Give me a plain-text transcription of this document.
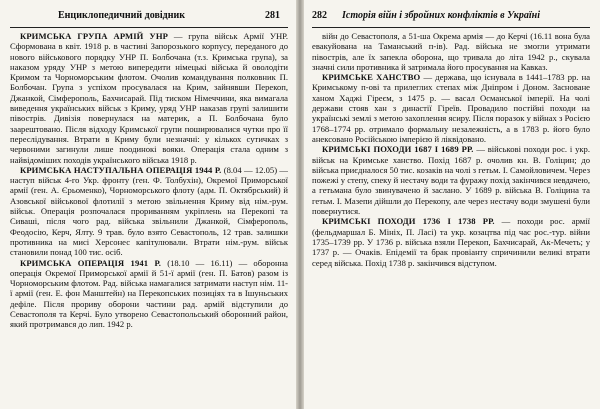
Енциклопедичний довідник	281

КРИМСЬКА ГРУПА АРМІЙ УНР — група військ Армії УНР. Сформована в квіт. 1918 р. в частині Запорозького корпусу, переданого до нового військового порядку УНР П. Болбочана (т.з. Кримська група), за наказом уряду УНР з метою випередити німецькі війська й оволодіти Кримом та Чорноморським флотом. Очолив командування полковник П. Болбочан. Група з успіхом просувалася на Крим, зайнявши Перекоп, Джанкой, Сімферополь, Бахчисарай. Під тиском Німеччини, яка вимагала виведення українських військ з Криму, уряд УНР наказав групі залишити півострів. Дивізія повернулася на материк, а П. Болбочана було заарештовано. Після відходу Кримської групи поширювалися чутки про її переслідування. Втрати в Криму були незначні: у кількох сутичках з червоними загинули лише поодинокі вояки. Операція стала одним з найвідоміших походів українського війська 1918 р.

КРИМСЬКА НАСТУПАЛЬНА ОПЕРАЦІЯ 1944 Р. (8.04 — 12.05) — наступ військ 4-го Укр. фронту (ген. Ф. Толбухін), Окремої Приморської армії (ген. А. Єрьоменко), Чорноморського флоту (адм. П. Октябрський) й Азовської військової флотилії з метою звільнення Криму від нім.-рум. військ. Операція розпочалася прориванням укріплень на Перекопі та Сиваші, після чого рад. війська звільнили Джанкой, Сімферополь, Феодосію, Керч, Ялту. 9 трав. було взято Севастополь, 12 трав. залишки противника на мисі Херсонес капітулювали. Втрати нім.-рум. військ становили понад 100 тис. осіб.

КРИМСЬКА ОПЕРАЦІЯ 1941 Р. (18.10 — 16.11) — оборонна операція Окремої Приморської армії й 51-ї армії (ген. П. Батов) разом із Чорноморським флотом. Рад. війська намагалися затримати наступ нім. 11-ї армії (ген. Е. фон Манштейн) на Перекопських позиціях та в Ішуньських дефіле. Після прориву оборони частини рад. армій відступили до Севастополя та Керчі. Було утворено Севастопольський оборонний район, який протримався до лип. 1942 р.

282 Історія війн і збройних конфліктів в Україні

війн до Севастополя, а 51-ша Окрема армія — до Керчі (16.11 вона була евакуйована на Таманський п-ів). Рад. війська не змогли утримати півострів, але їх запекла оборона, що тривала до літа 1942 р., скувала значні сили противника й затримала його просування на Кавказ.

КРИМСЬКЕ ХАНСТВО — держава, що існувала в 1441–1783 рр. на Кримському п-ові та прилеглих степах між Дніпром і Доном. Засноване ханом Хаджі Гіреєм, з 1475 р. — васал Османської імперії. На чолі держави стояв хан з династії Гіреїв. Провадило постійні походи на українські землі з метою захоплення ясиру. Після поразок у війнах з Росією 1768–1774 рр. отримало формальну незалежність, а в 1783 р. його було анексовано Російською імперією й ліквідовано.

КРИМСЬКІ ПОХОДИ 1687 І 1689 РР. — військові походи рос. і укр. військ на Кримське ханство. Похід 1687 р. очолив кн. В. Голіцин; до війська приєдналося 50 тис. козаків на чолі з гетьм. І. Самойловичем. Через пожежі у степу, спеку й нестачу води та фуражу похід закінчився невдачею, а гетьмана було звинувачено й заслано. У 1689 р. війська В. Голіцина та гетьм. І. Мазепи дійшли до Перекопу, але через нестачу води змушені були повернутися.

КРИМСЬКІ ПОХОДИ 1736 І 1738 РР. — походи рос. армії (фельдмаршал Б. Мініх, П. Ласі) та укр. козацтва під час рос.-тур. війни 1735–1739 рр. У 1736 р. війська взяли Перекоп, Бахчисарай, Ак-Мечеть; у 1737 р. — Очаків. Епідемії та брак провіанту спричинили великі втрати серед війська. Похід 1738 р. закінчився відступом.
